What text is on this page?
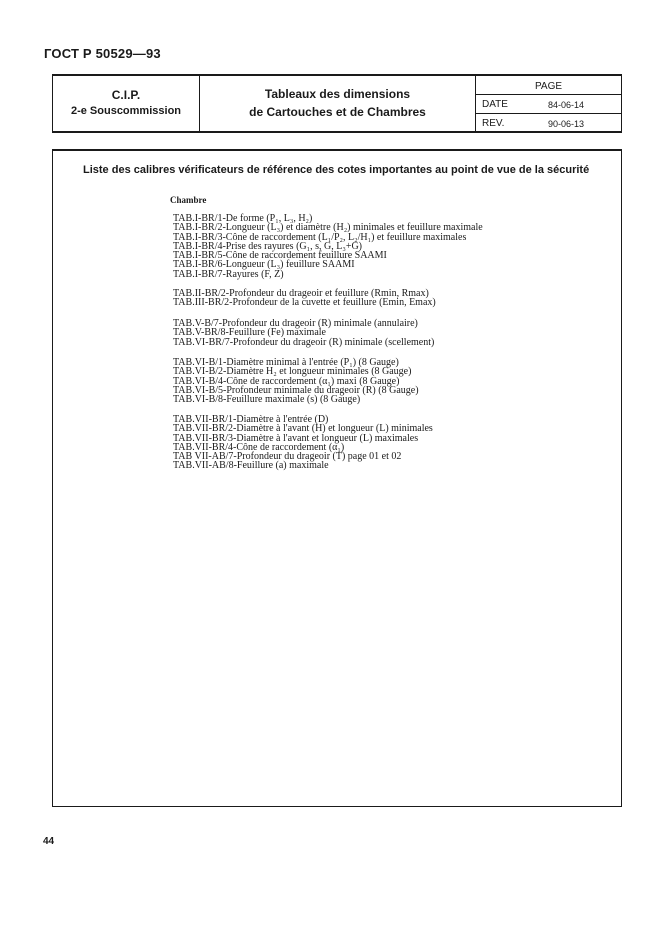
ГОСТ Р 50529—93
C.I.P.
2-e Souscommission
Tableaux des dimensions
de Cartouches et de Chambres
PAGE
DATE	84-06-14
REV.	90-06-13
Liste des calibres vérificateurs de référence des cotes importantes au point de vue de la sécurité
Chambre
TAB.I-BR/1-De forme (P₁, L₃, H₂)
TAB.I-BR/2-Longueur (L₃) et diamètre (H₂) minimales et feuillure maximale
TAB.I-BR/3-Cône de raccordement (L₁/P₂, L₂/H₁) et feuillure maximales
TAB.I-BR/4-Prise des rayures (G₁, s, G, L₃+G)
TAB.I-BR/5-Cône de raccordement feuillure SAAMI
TAB.I-BR/6-Longueur (L₃) feuillure SAAMI
TAB.I-BR/7-Rayures (F, Z)
TAB.II-BR/2-Profondeur du drageoir et feuillure (Rmin, Rmax)
TAB.III-BR/2-Profondeur de la cuvette et feuillure (Emin, Emax)
TAB.V-B/7-Profondeur du drageoir (R) minimale (annulaire)
TAB.V-BR/8-Feuillure (Fe) maximale
TAB.VI-BR/7-Profondeur du drageoir (R) minimale (scellement)
TAB.VI-B/1-Diamètre minimal à l'entrée (P₁) (8 Gauge)
TAB.VI-B/2-Diamètre H₂ et longueur minimales (8 Gauge)
TAB.VI-B/4-Cône de raccordement (α₁) maxi (8 Gauge)
TAB.VI-B/5-Profondeur minimale du drageoir (R) (8 Gauge)
TAB.VI-B/8-Feuillure maximale (s) (8 Gauge)
TAB.VII-BR/1-Diamètre à l'entrée (D)
TAB.VII-BR/2-Diamètre à l'avant (H) et longueur (L) minimales
TAB.VII-BR/3-Diamètre à l'avant et longueur (L) maximales
TAB.VII-BR/4-Cône de raccordement (α₁)
TAB VII-AB/7-Profondeur du drageoir (T) page 01 et 02
TAB.VII-AB/8-Feuillure (a) maximale
44
